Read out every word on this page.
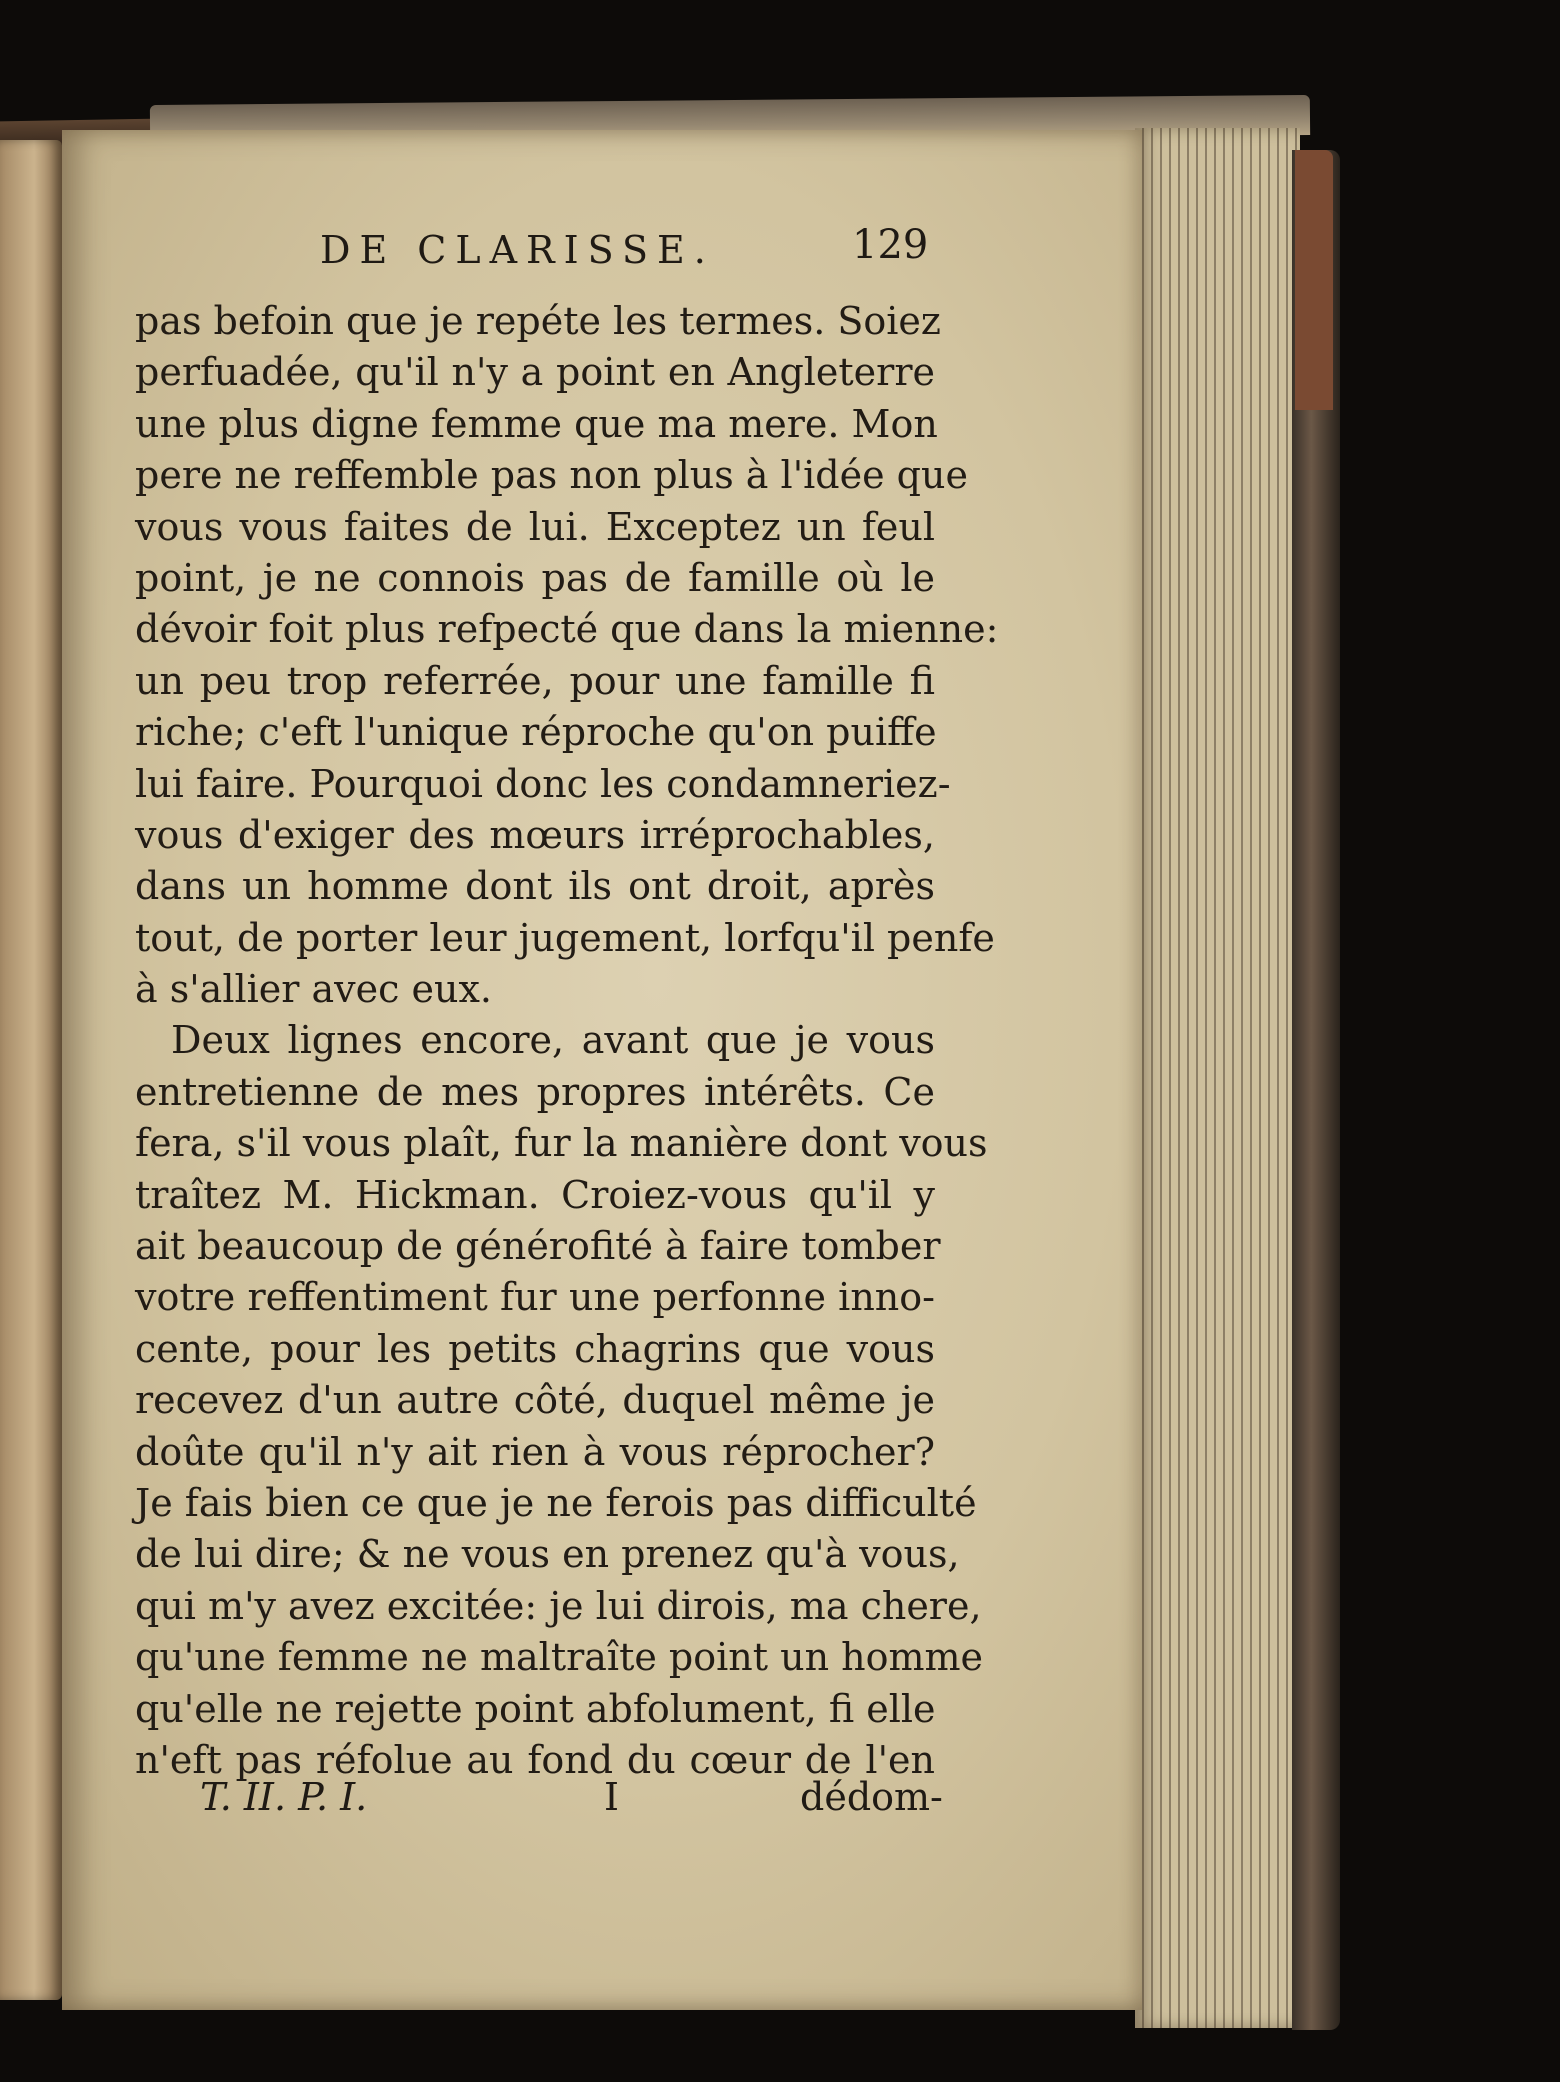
DE CLARISSE.	129
pas befoin que je repéte les termes. Soiez
perfuadée, qu'il n'y a point en Angleterre
une plus digne femme que ma mere. Mon
pere ne reffemble pas non plus à l'idée que
vous vous faites de lui. Exceptez un feul
point, je ne connois pas de famille où le
dévoir foit plus refpecté que dans la mienne:
un peu trop referrée, pour une famille fi
riche; c'eft l'unique réproche qu'on puiffe
lui faire. Pourquoi donc les condamneriez-
vous d'exiger des mœurs irréprochables,
dans un homme dont ils ont droit, après
tout, de porter leur jugement, lorfqu'il penfe
à s'allier avec eux.
Deux lignes encore, avant que je vous
entretienne de mes propres intérêts. Ce
fera, s'il vous plaît, fur la manière dont vous
traîtez M. Hickman. Croiez-vous qu'il y
ait beaucoup de générofité à faire tomber
votre reffentiment fur une perfonne inno-
cente, pour les petits chagrins que vous
recevez d'un autre côté, duquel même je
doûte qu'il n'y ait rien à vous réprocher?
Je fais bien ce que je ne ferois pas difficulté
de lui dire; & ne vous en prenez qu'à vous,
qui m'y avez excitée: je lui dirois, ma chere,
qu'une femme ne maltraîte point un homme
qu'elle ne rejette point abfolument, fi elle
n'eft pas réfolue au fond du cœur de l'en
T. II. P. I.	I	dédom-
